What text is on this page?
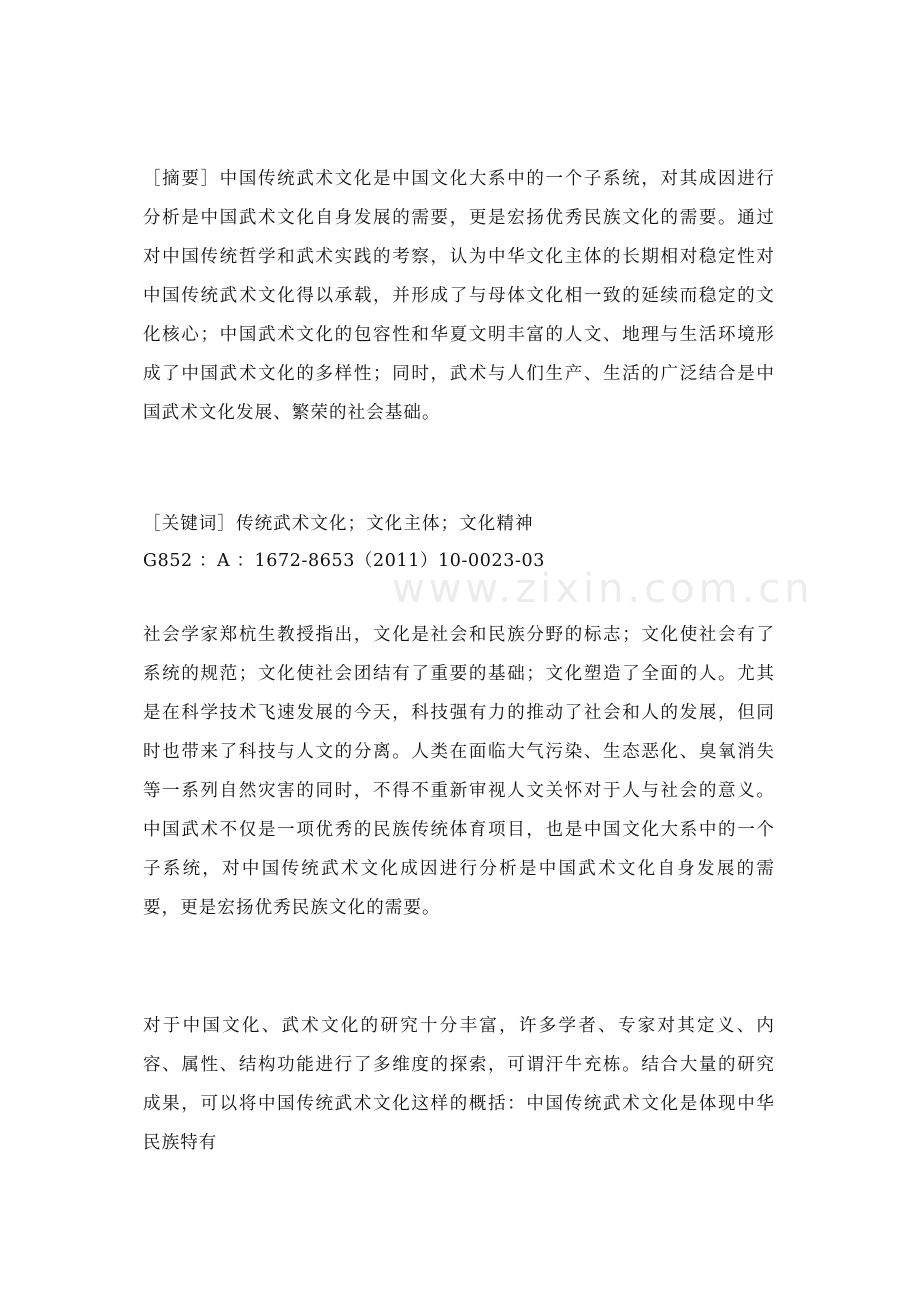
www.zixin.com.cn

［摘要］中国传统武术文化是中国文化大系中的一个子系统，对其成因进行分析是中国武术文化自身发展的需要，更是宏扬优秀民族文化的需要。通过对中国传统哲学和武术实践的考察，认为中华文化主体的长期相对稳定性对中国传统武术文化得以承载，并形成了与母体文化相一致的延续而稳定的文化核心；中国武术文化的包容性和华夏文明丰富的人文、地理与生活环境形成了中国武术文化的多样性；同时，武术与人们生产、生活的广泛结合是中国武术文化发展、繁荣的社会基础。

［关键词］传统武术文化；文化主体；文化精神

G852 ：A ：1672-8653（2011）10-0023-03

社会学家郑杭生教授指出，文化是社会和民族分野的标志；文化使社会有了系统的规范；文化使社会团结有了重要的基础；文化塑造了全面的人。尤其是在科学技术飞速发展的今天，科技强有力的推动了社会和人的发展，但同时也带来了科技与人文的分离。人类在面临大气污染、生态恶化、臭氧消失等一系列自然灾害的同时，不得不重新审视人文关怀对于人与社会的意义。中国武术不仅是一项优秀的民族传统体育项目，也是中国文化大系中的一个子系统，对中国传统武术文化成因进行分析是中国武术文化自身发展的需要，更是宏扬优秀民族文化的需要。

对于中国文化、武术文化的研究十分丰富，许多学者、专家对其定义、内容、属性、结构功能进行了多维度的探索，可谓汗牛充栋。结合大量的研究成果，可以将中国传统武术文化这样的概括：中国传统武术文化是体现中华民族特有
